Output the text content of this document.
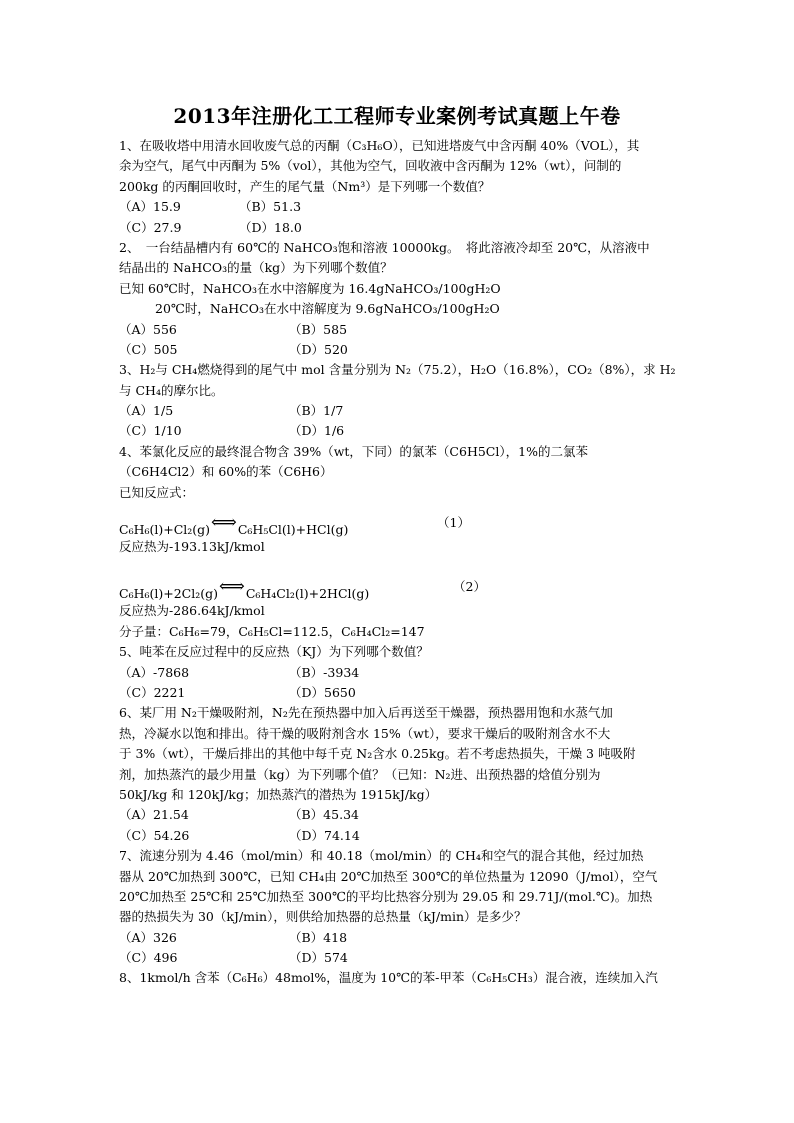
2013年注册化工工程师专业案例考试真题上午卷
1、在吸收塔中用清水回收废气总的丙酮（C₃H₆O），已知进塔废气中含丙酮 40%（VOL），其
余为空气，尾气中丙酮为 5%（vol），其他为空气，回收液中含丙酮为 12%（wt），问制的
200kg 的丙酮回收时，产生的尾气量（Nm³）是下列哪一个数值？
（A）15.9	（B）51.3
（C）27.9	（D）18.0
2、　一台结晶槽内有 60℃的 NaHCO₃饱和溶液 10000kg。　将此溶液冷却至 20℃，从溶液中
结晶出的 NaHCO₃的量（kg）为下列哪个数值？
已知 60℃时，NaHCO₃在水中溶解度为 16.4gNaHCO₃/100gH₂O
20℃时，NaHCO₃在水中溶解度为 9.6gNaHCO₃/100gH₂O
（A）556	（B）585
（C）505	（D）520
3、H₂与 CH₄燃烧得到的尾气中 mol 含量分别为 N₂（75.2），H₂O（16.8%），CO₂（8%），求 H₂
与 CH₄的摩尔比。
（A）1/5	（B）1/7
（C）1/10	（D）1/6
4、苯氯化反应的最终混合物含 39%（wt，下同）的氯苯（C6H5Cl），1%的二氯苯
（C6H4Cl2）和 60%的苯（C6H6）
已知反应式：
C₆H₆(l)+Cl₂(g)⟺C₆H₅Cl(l)+HCl(g)	（1）
反应热为-193.13kJ/kmol
C₆H₆(l)+2Cl₂(g)⟺C₆H₄Cl₂(l)+2HCl(g)	（2）
反应热为-286.64kJ/kmol
分子量：C₆H₆=79，C₆H₅Cl=112.5，C₆H₄Cl₂=147
5、吨苯在反应过程中的反应热（KJ）为下列哪个数值？
（A）-7868	（B）-3934
（C）2221	（D）5650
6、某厂用 N₂干燥吸附剂，N₂先在预热器中加入后再送至干燥器，预热器用饱和水蒸气加
热，冷凝水以饱和排出。待干燥的吸附剂含水 15%（wt），要求干燥后的吸附剂含水不大
于 3%（wt），干燥后排出的其他中每千克 N₂含水 0.25kg。若不考虑热损失，干燥 3 吨吸附
剂，加热蒸汽的最少用量（kg）为下列哪个值？（已知：N₂进、出预热器的焓值分别为
50kJ/kg 和 120kJ/kg；加热蒸汽的潜热为 1915kJ/kg）
（A）21.54	（B）45.34
（C）54.26	（D）74.14
7、流速分别为 4.46（mol/min）和 40.18（mol/min）的 CH₄和空气的混合其他，经过加热
器从 20℃加热到 300℃，已知 CH₄由 20℃加热至 300℃的单位热量为 12090（J/mol），空气
20℃加热至 25℃和 25℃加热至 300℃的平均比热容分别为 29.05 和 29.71J/(mol.℃)。加热
器的热损失为 30（kJ/min），则供给加热器的总热量（kJ/min）是多少？
（A）326	（B）418
（C）496	（D）574
8、1kmol/h 含苯（C₆H₆）48mol%，温度为 10℃的苯-甲苯（C₆H₅CH₃）混合液，连续加入汽
